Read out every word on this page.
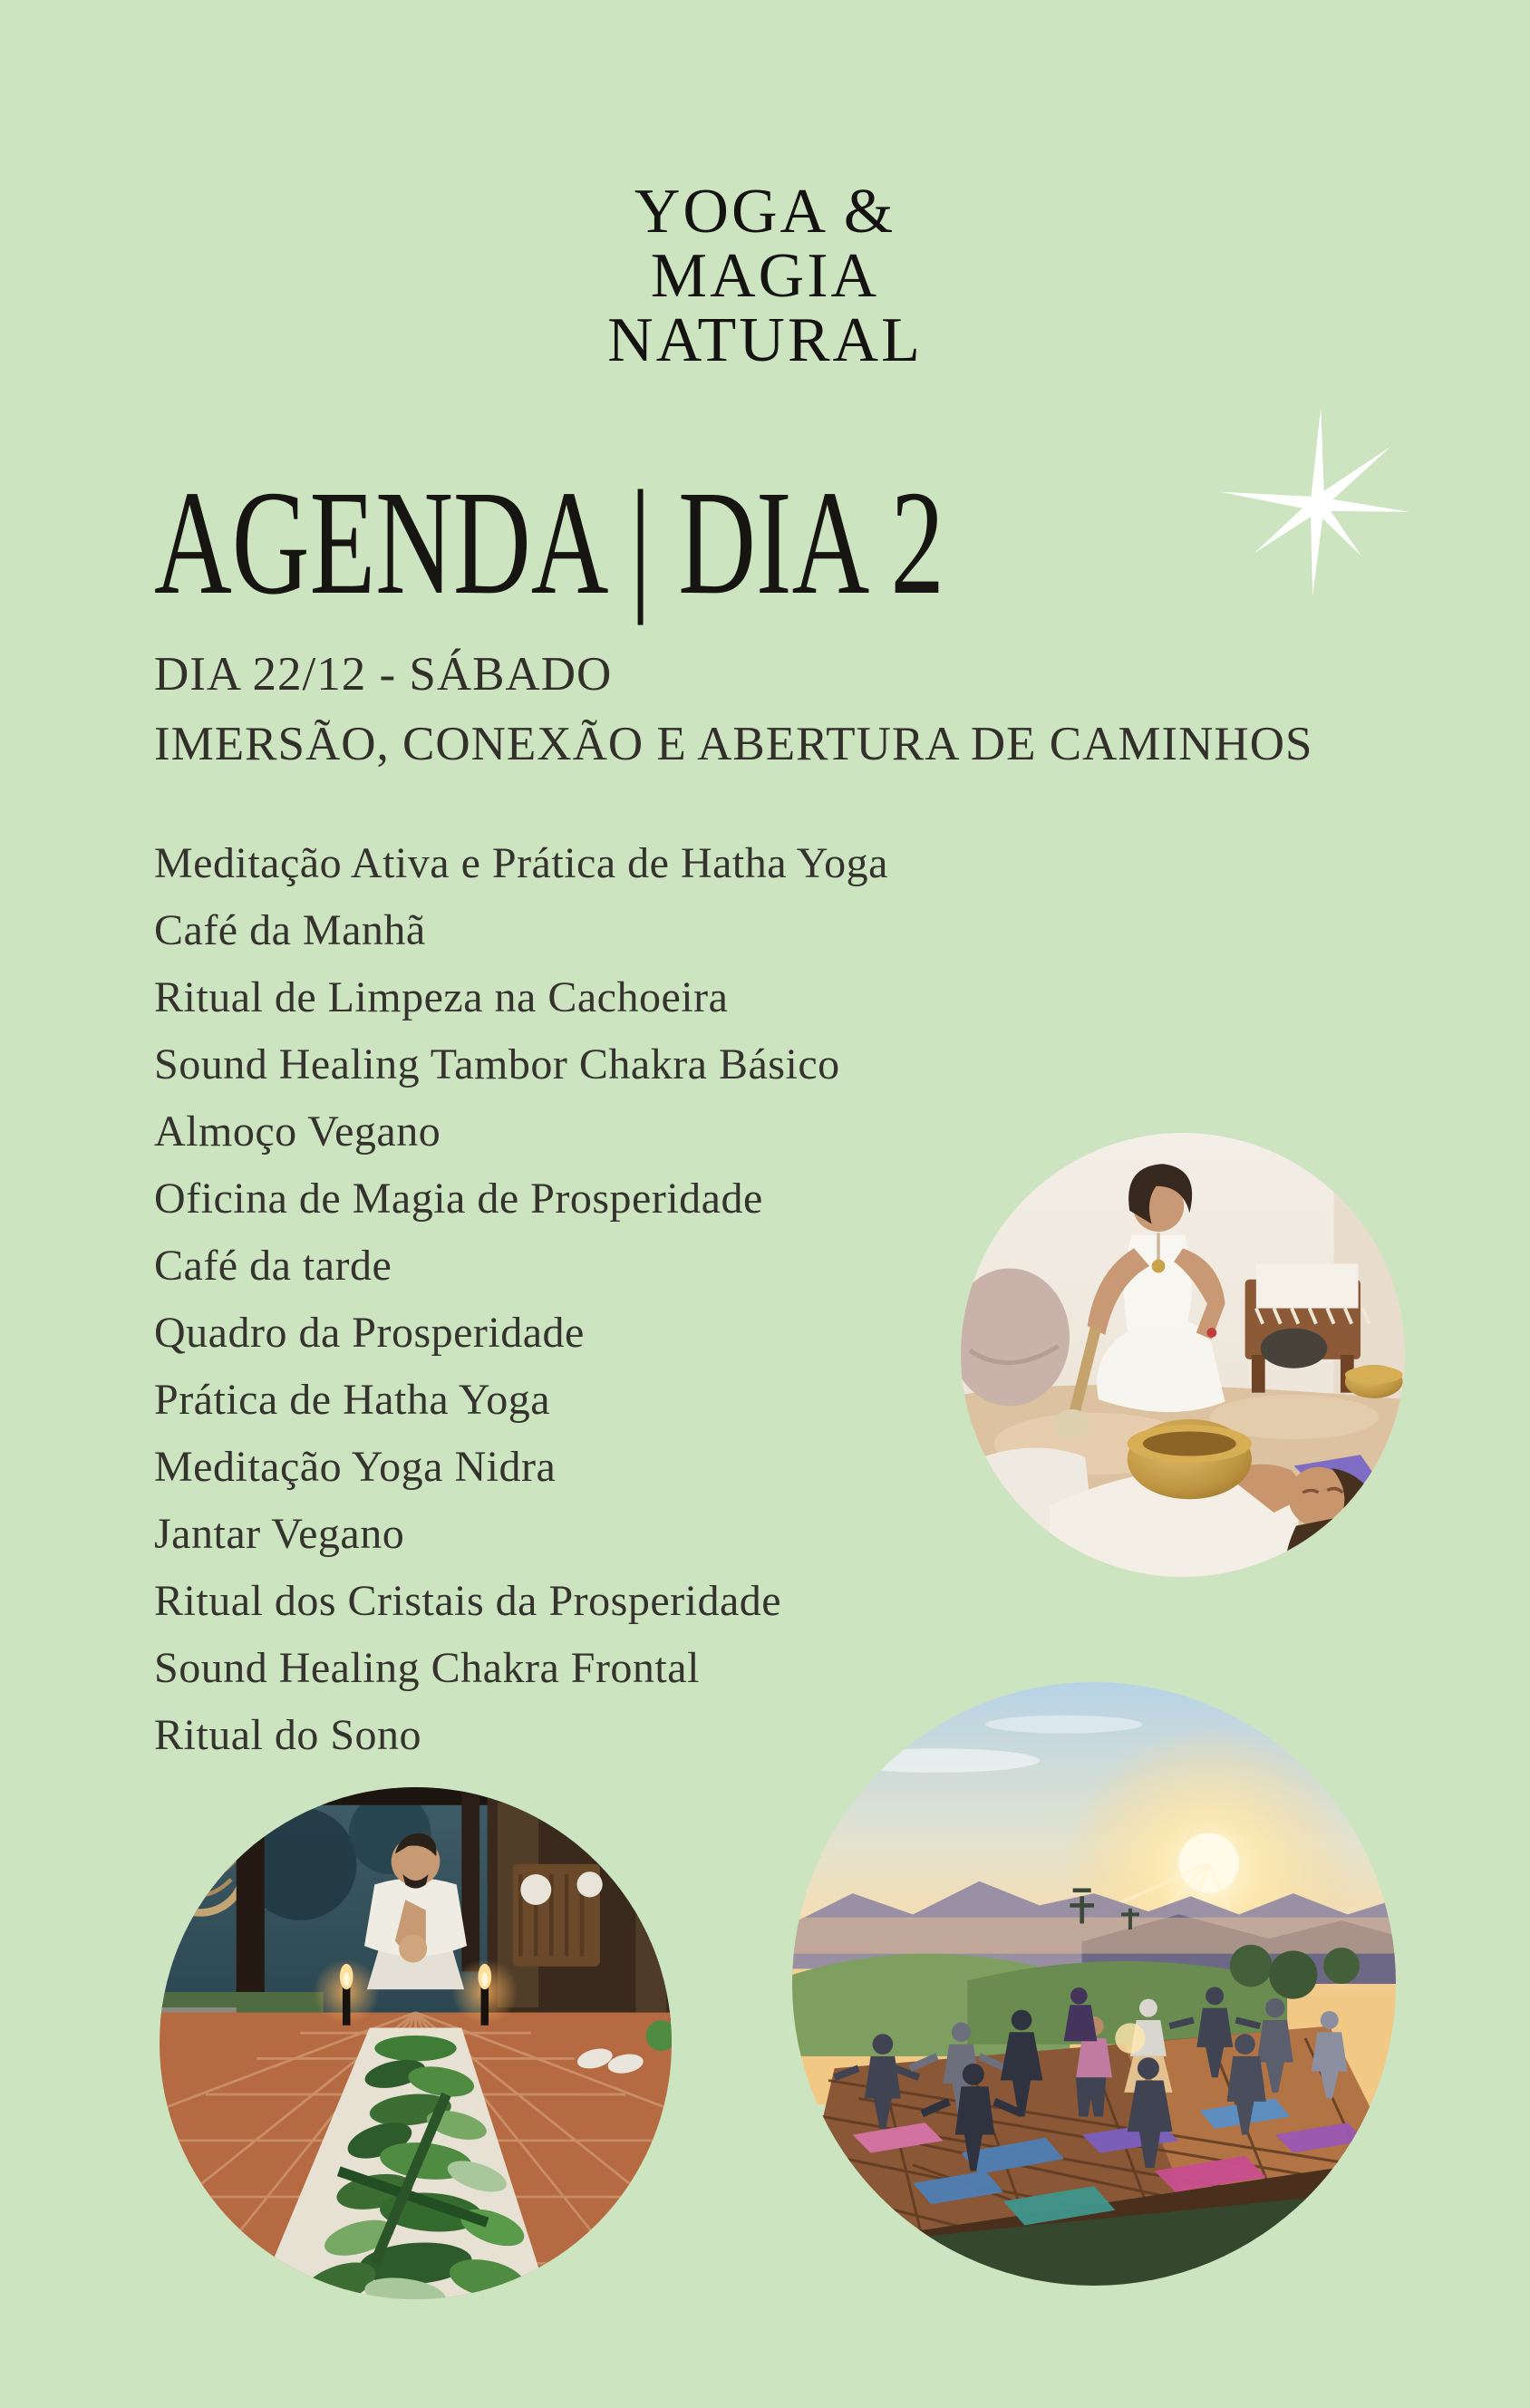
YOGA &
MAGIA
NATURAL
AGENDA | DIA 2
DIA 22/12 - SÁBADO
IMERSÃO, CONEXÃO E ABERTURA DE CAMINHOS
Meditação Ativa e Prática de Hatha Yoga
Café da Manhã
Ritual de Limpeza na Cachoeira
Sound Healing Tambor Chakra Básico
Almoço Vegano
Oficina de Magia de Prosperidade
Café da tarde
Quadro da Prosperidade
Prática de Hatha Yoga
Meditação Yoga Nidra
Jantar Vegano
Ritual dos Cristais da Prosperidade
Sound Healing Chakra Frontal
Ritual do Sono
